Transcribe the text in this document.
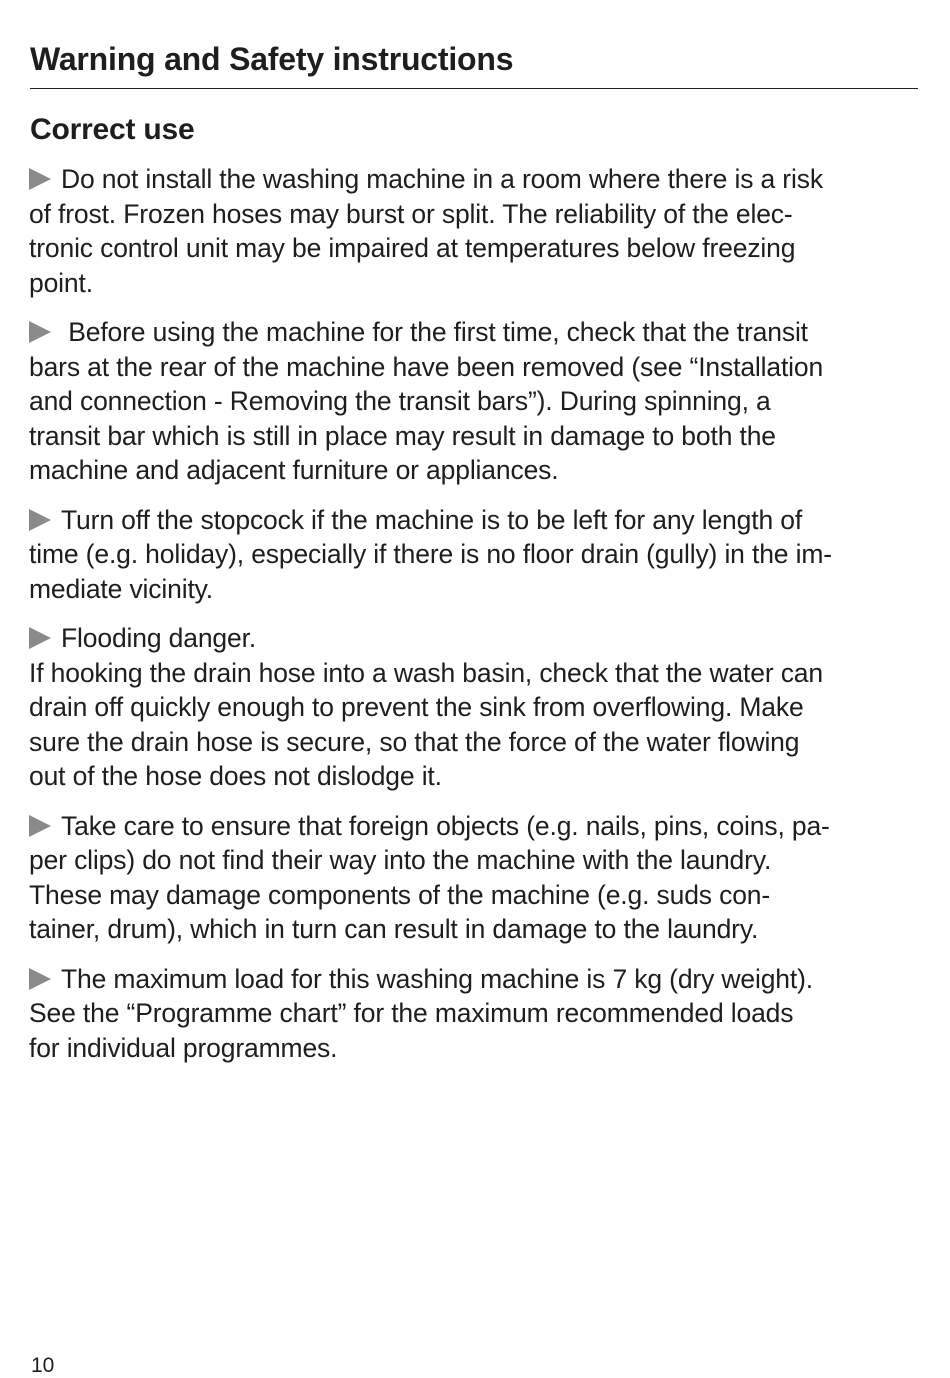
Warning and Safety instructions
Correct use

Do not install the washing machine in a room where there is a risk
of frost. Frozen hoses may burst or split. The reliability of the elec-
tronic control unit may be impaired at temperatures below freezing
point.

Before using the machine for the first time, check that the transit
bars at the rear of the machine have been removed (see “Installation
and connection - Removing the transit bars”). During spinning, a
transit bar which is still in place may result in damage to both the
machine and adjacent furniture or appliances.

Turn off the stopcock if the machine is to be left for any length of
time (e.g. holiday), especially if there is no floor drain (gully) in the im-
mediate vicinity.

Flooding danger.
If hooking the drain hose into a wash basin, check that the water can
drain off quickly enough to prevent the sink from overflowing. Make
sure the drain hose is secure, so that the force of the water flowing
out of the hose does not dislodge it.

Take care to ensure that foreign objects (e.g. nails, pins, coins, pa-
per clips) do not find their way into the machine with the laundry.
These may damage components of the machine (e.g. suds con-
tainer, drum), which in turn can result in damage to the laundry.

The maximum load for this washing machine is 7 kg (dry weight).
See the “Programme chart” for the maximum recommended loads
for individual programmes.

10
